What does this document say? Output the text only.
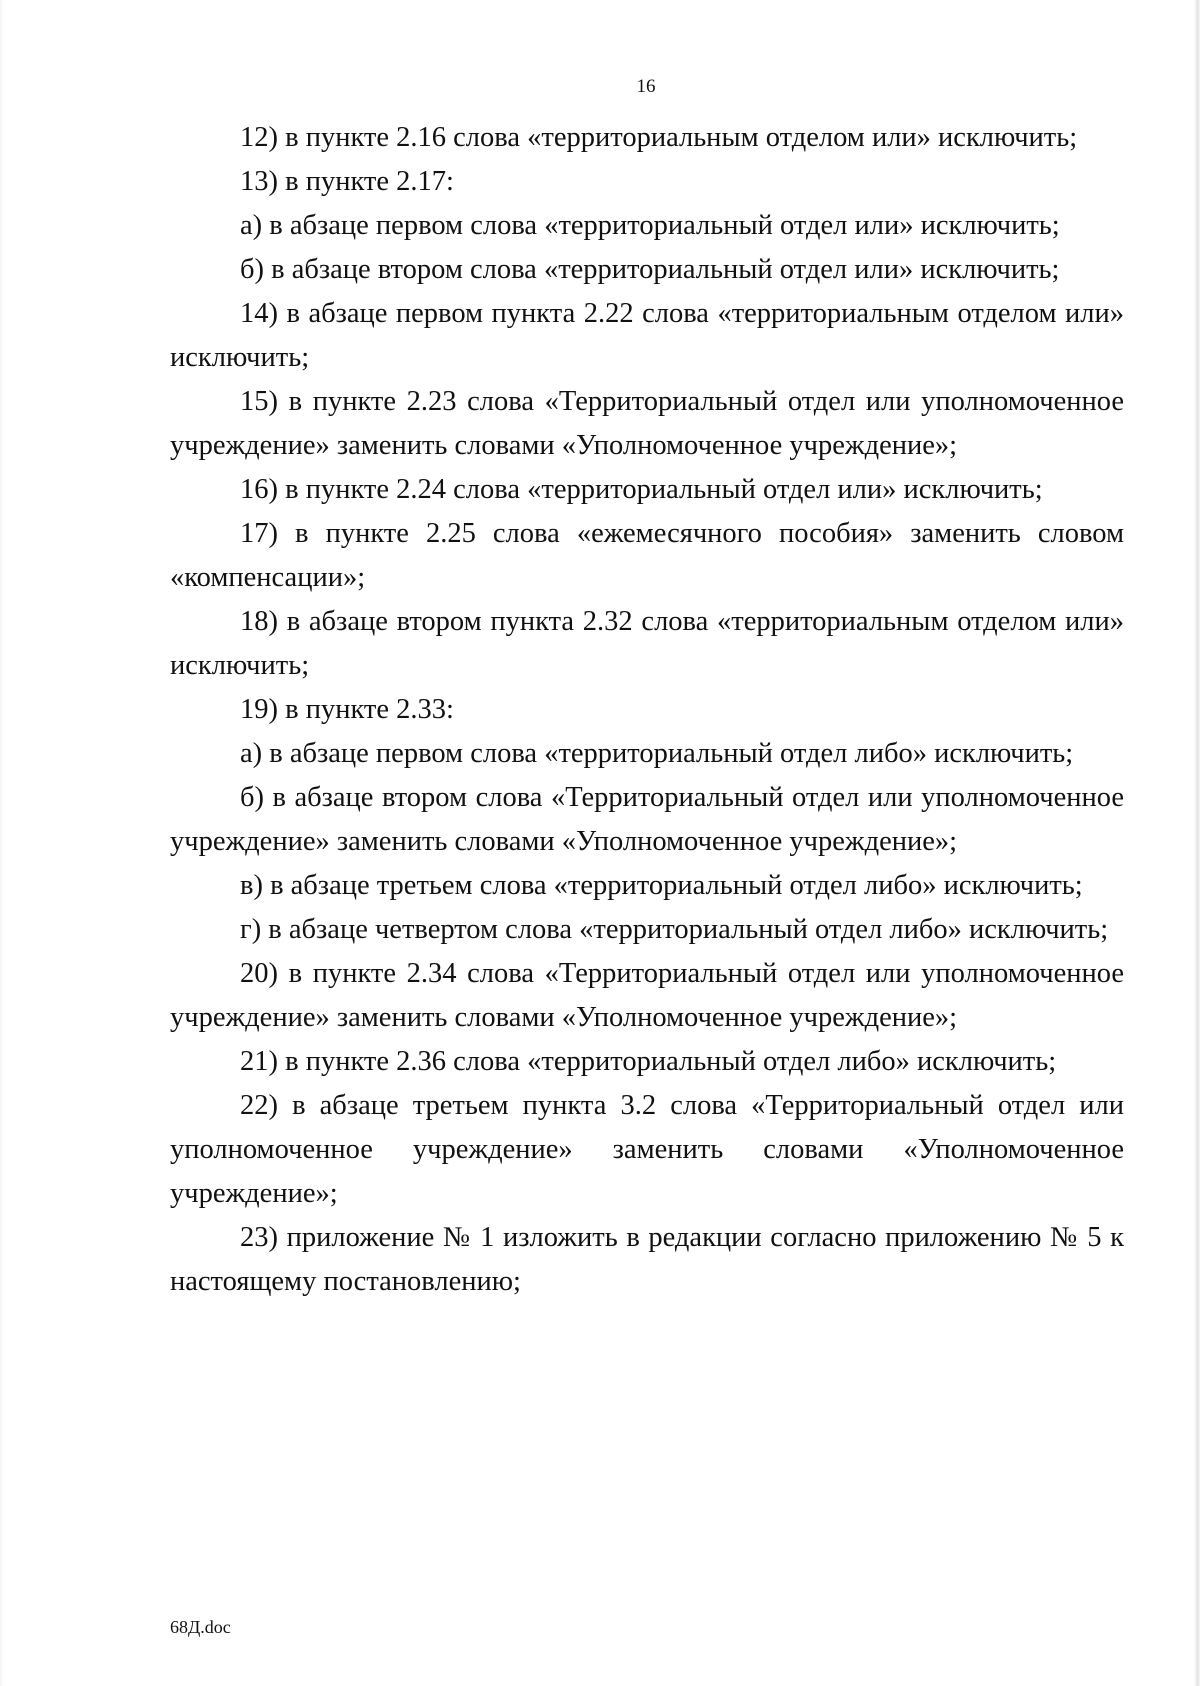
16

12) в пункте 2.16 слова «территориальным отделом или» исключить;

13) в пункте 2.17:

а) в абзаце первом слова «территориальный отдел или» исключить;

б) в абзаце втором слова «территориальный отдел или» исключить;

14) в абзаце первом пункта 2.22 слова «территориальным отделом или» исключить;

15) в пункте 2.23 слова «Территориальный отдел или уполномоченное учреждение» заменить словами «Уполномоченное учреждение»;

16) в пункте 2.24 слова «территориальный отдел или» исключить;

17) в пункте 2.25 слова «ежемесячного пособия» заменить словом «компенсации»;

18) в абзаце втором пункта 2.32 слова «территориальным отделом или» исключить;

19) в пункте 2.33:

а) в абзаце первом слова «территориальный отдел либо» исключить;

б) в абзаце втором слова «Территориальный отдел или уполномоченное учреждение» заменить словами «Уполномоченное учреждение»;

в) в абзаце третьем слова «территориальный отдел либо» исключить;

г) в абзаце четвертом слова «территориальный отдел либо» исключить;

20) в пункте 2.34 слова «Территориальный отдел или уполномоченное учреждение» заменить словами «Уполномоченное учреждение»;

21) в пункте 2.36 слова «территориальный отдел либо» исключить;

22) в абзаце третьем пункта 3.2 слова «Территориальный отдел или уполномоченное учреждение» заменить словами «Уполномоченное учреждение»;

23) приложение № 1 изложить в редакции согласно приложению № 5 к настоящему постановлению;

68Д.doc
